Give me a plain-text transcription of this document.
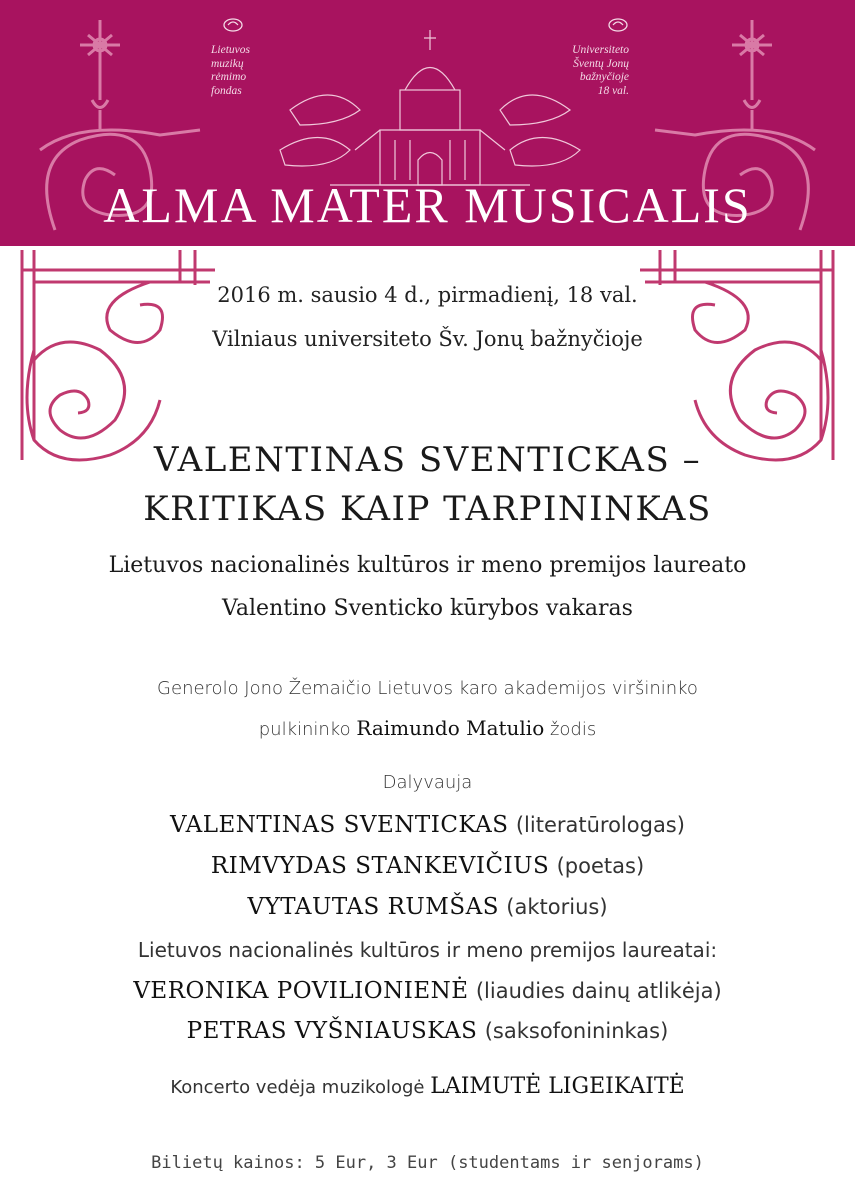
Lietuvos
muzikų
rėmimo
fondas
Universiteto
Šventų Jonų
bažnyčioje
18 val.
ALMA MATER MUSICALIS
2016 m. sausio 4 d., pirmadienį, 18 val.
Vilniaus universiteto Šv. Jonų bažnyčioje
VALENTINAS SVENTICKAS –
KRITIKAS KAIP TARPININKAS
Lietuvos nacionalinės kultūros ir meno premijos laureato
Valentino Sventicko kūrybos vakaras
Generolo Jono Žemaičio Lietuvos karo akademijos viršininko
pulkininko Raimundo Matulio žodis
Dalyvauja
VALENTINAS SVENTICKAS (literatūrologas)
RIMVYDAS STANKEVIČIUS (poetas)
VYTAUTAS RUMŠAS (aktorius)
Lietuvos nacionalinės kultūros ir meno premijos laureatai:
VERONIKA POVILIONIENĖ (liaudies dainų atlikėja)
PETRAS VYŠNIAUSKAS (saksofonininkas)
Koncerto vedėja muzikologė LAIMUTĖ LIGEIKAITĖ
Bilietų kainos: 5 Eur, 3 Eur (studentams ir senjorams)
